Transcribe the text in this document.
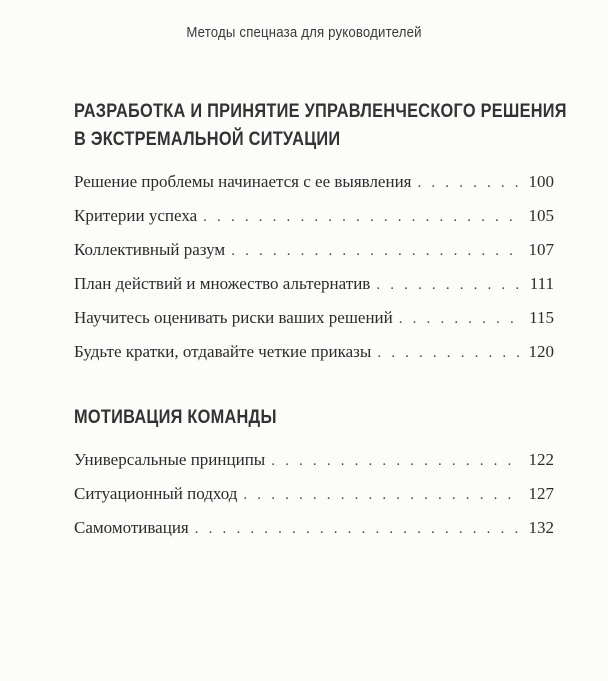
Методы спецназа для руководителей
РАЗРАБОТКА И ПРИНЯТИЕ УПРАВЛЕНЧЕСКОГО РЕШЕНИЯ
В ЭКСТРЕМАЛЬНОЙ СИТУАЦИИ
Решение проблемы начинается с ее выявления . . .	100
Критерии успеха . . .	105
Коллективный разум . . .	107
План действий и множество альтернатив . . .	111
Научитесь оценивать риски ваших решений . . .	115
Будьте кратки, отдавайте четкие приказы . . .	120
МОТИВАЦИЯ КОМАНДЫ
Универсальные принципы . . .	122
Ситуационный подход . . .	127
Самомотивация . . .	132
